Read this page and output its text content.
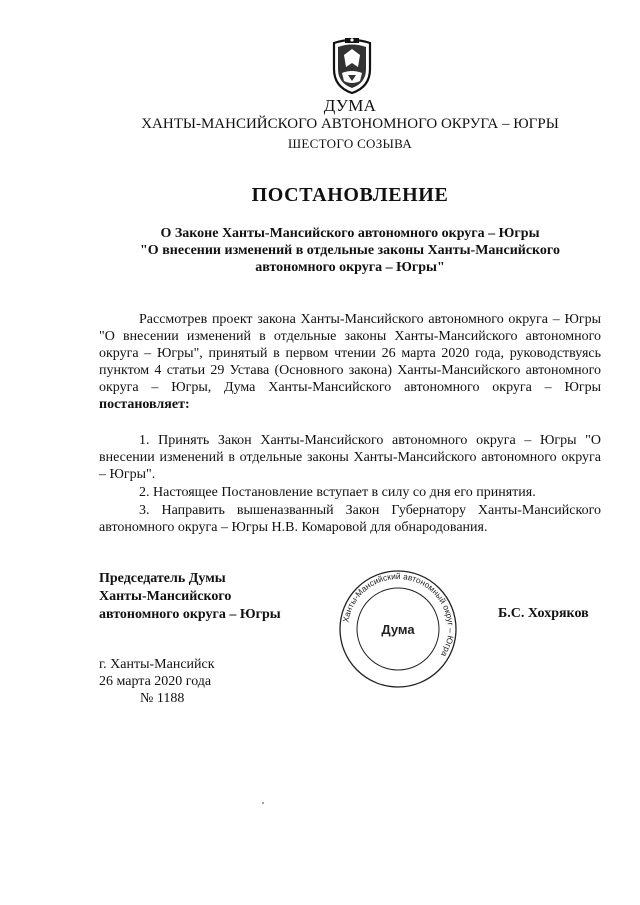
ДУМА
ХАНТЫ-МАНСИЙСКОГО АВТОНОМНОГО ОКРУГА – ЮГРЫ
ШЕСТОГО СОЗЫВА
ПОСТАНОВЛЕНИЕ
О Законе Ханты-Мансийского автономного округа – Югры
"О внесении изменений в отдельные законы Ханты-Мансийского
автономного округа – Югры"

Рассмотрев проект закона Ханты-Мансийского автономного округа – Югры "О внесении изменений в отдельные законы Ханты-Мансийского автономного округа – Югры", принятый в первом чтении 26 марта 2020 года, руководствуясь пунктом 4 статьи 29 Устава (Основного закона) Ханты-Мансийского автономного округа – Югры, Дума Ханты-Мансийского автономного округа – Югры постановляет:

1. Принять Закон Ханты-Мансийского автономного округа – Югры "О внесении изменений в отдельные законы Ханты-Мансийского автономного округа – Югры".

2. Настоящее Постановление вступает в силу со дня его принятия.

3. Направить вышеназванный Закон Губернатору Ханты-Мансийского автономного округа – Югры Н.В. Комаровой для обнародования.

Председатель Думы
Ханты-Мансийского
автономного округа – Югры	Ханты-Мансийский автономный округ – Югра
Дума
Б.С. Хохряков
г. Ханты-Мансийск
26 марта 2020 года
№ 1188
